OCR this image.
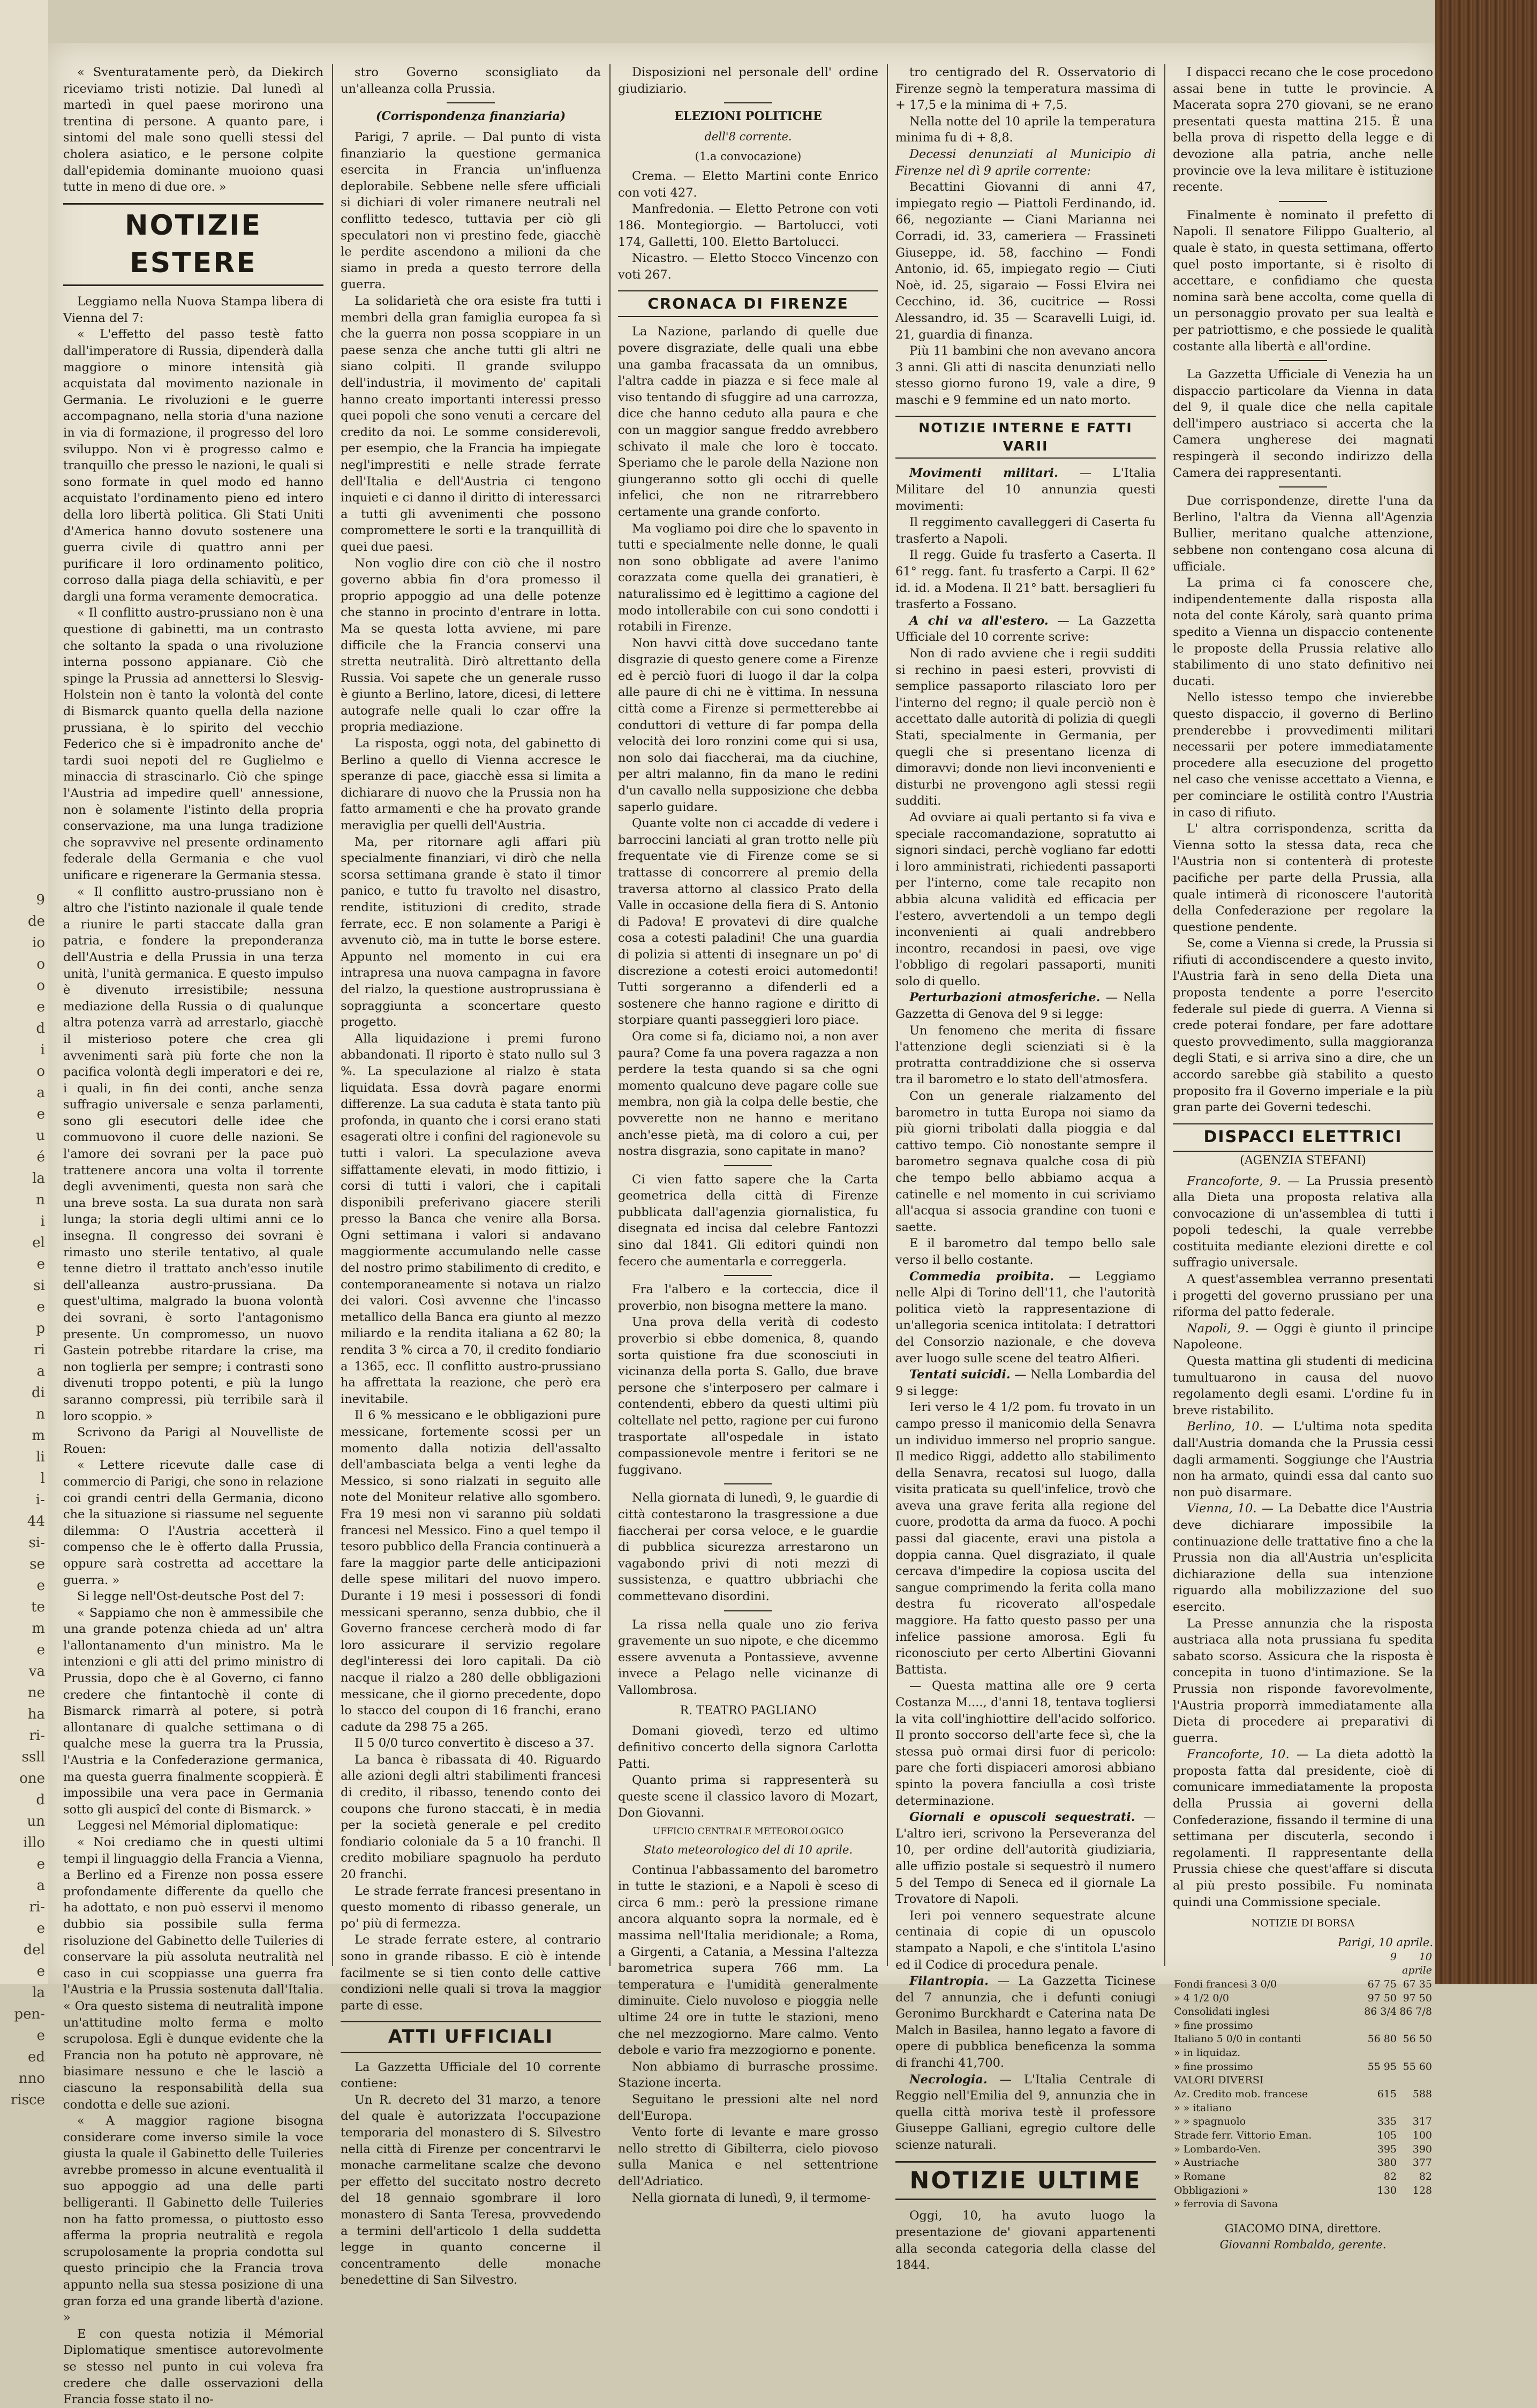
9
de
io
o
o
e
d
i
o
a
e
u
é
la
n
i
el
e
si
e
p
ri
a
di
n
m
li
l
i-
44
si-
se
e
te
m
e
va
ne
ha
ri-
ssll
one
d
un
illo
e
a
ri-
e
del
e
la
pen-
e
ed
nno
risce

« Sventuratamente però, da Diekirch riceviamo tristi notizie. Dal lunedì al martedì in quel paese morirono una trentina di persone. A quanto pare, i sintomi del male sono quelli stessi del cholera asiatico, e le persone colpite dall'epidemia dominante muoiono quasi tutte in meno di due ore. »

NOTIZIE ESTERE

Leggiamo nella Nuova Stampa libera di Vienna del 7:

« L'effetto del passo testè fatto dall'imperatore di Russia, dipenderà dalla maggiore o minore intensità già acquistata dal movimento nazionale in Germania. Le rivoluzioni e le guerre accompagnano, nella storia d'una nazione in via di formazione, il progresso del loro sviluppo. Non vi è progresso calmo e tranquillo che presso le nazioni, le quali si sono formate in quel modo ed hanno acquistato l'ordinamento pieno ed intero della loro libertà politica. Gli Stati Uniti d'America hanno dovuto sostenere una guerra civile di quattro anni per purificare il loro ordinamento politico, corroso dalla piaga della schiavitù, e per dargli una forma veramente democratica.

« Il conflitto austro-prussiano non è una questione di gabinetti, ma un contrasto che soltanto la spada o una rivoluzione interna possono appianare. Ciò che spinge la Prussia ad annettersi lo Slesvig-Holstein non è tanto la volontà del conte di Bismarck quanto quella della nazione prussiana, è lo spirito del vecchio Federico che si è impadronito anche de' tardi suoi nepoti del re Guglielmo e minaccia di strascinarlo. Ciò che spinge l'Austria ad impedire quell' annessione, non è solamente l'istinto della propria conservazione, ma una lunga tradizione che sopravvive nel presente ordinamento federale della Germania e che vuol unificare e rigenerare la Germania stessa.

« Il conflitto austro-prussiano non è altro che l'istinto nazionale il quale tende a riunire le parti staccate dalla gran patria, e fondere la preponderanza dell'Austria e della Prussia in una terza unità, l'unità germanica. E questo impulso è divenuto irresistibile; nessuna mediazione della Russia o di qualunque altra potenza varrà ad arrestarlo, giacchè il misterioso potere che crea gli avvenimenti sarà più forte che non la pacifica volontà degli imperatori e dei re, i quali, in fin dei conti, anche senza suffragio universale e senza parlamenti, sono gli esecutori delle idee che commuovono il cuore delle nazioni. Se l'amore dei sovrani per la pace può trattenere ancora una volta il torrente degli avvenimenti, questa non sarà che una breve sosta. La sua durata non sarà lunga; la storia degli ultimi anni ce lo insegna. Il congresso dei sovrani è rimasto uno sterile tentativo, al quale tenne dietro il trattato anch'esso inutile dell'alleanza austro-prussiana. Da quest'ultima, malgrado la buona volontà dei sovrani, è sorto l'antagonismo presente. Un compromesso, un nuovo Gastein potrebbe ritardare la crise, ma non toglierla per sempre; i contrasti sono divenuti troppo potenti, e più la lungo saranno compressi, più terribile sarà il loro scoppio. »

Scrivono da Parigi al Nouvelliste de Rouen:

« Lettere ricevute dalle case di commercio di Parigi, che sono in relazione coi grandi centri della Germania, dicono che la situazione si riassume nel seguente dilemma: O l'Austria accetterà il compenso che le è offerto dalla Prussia, oppure sarà costretta ad accettare la guerra. »

Si legge nell'Ost-deutsche Post del 7:

« Sappiamo che non è ammessibile che una grande potenza chieda ad un' altra l'allontanamento d'un ministro. Ma le intenzioni e gli atti del primo ministro di Prussia, dopo che è al Governo, ci fanno credere che fintantochè il conte di Bismarck rimarrà al potere, si potrà allontanare di qualche settimana o di qualche mese la guerra tra la Prussia, l'Austria e la Confederazione germanica, ma questa guerra finalmente scoppierà. È impossibile una vera pace in Germania sotto gli auspicî del conte di Bismarck. »

Leggesi nel Mémorial diplomatique:

« Noi crediamo che in questi ultimi tempi il linguaggio della Francia a Vienna, a Berlino ed a Firenze non possa essere profondamente differente da quello che ha adottato, e non può esservi il menomo dubbio sia possibile sulla ferma risoluzione del Gabinetto delle Tuileries di conservare la più assoluta neutralità nel caso in cui scoppiasse una guerra fra l'Austria e la Prussia sostenuta dall'Italia. « Ora questo sistema di neutralità impone un'attitudine molto ferma e molto scrupolosa. Egli è dunque evidente che la Francia non ha potuto nè approvare, nè biasimare nessuno e che le lasciò a ciascuno la responsabilità della sua condotta e delle sue azioni.

« A maggior ragione bisogna considerare come inverso simile la voce giusta la quale il Gabinetto delle Tuileries avrebbe promesso in alcune eventualità il suo appoggio ad una delle parti belligeranti. Il Gabinetto delle Tuileries non ha fatto promessa, o piuttosto esso afferma la propria neutralità e regola scrupolosamente la propria condotta sul questo principio che la Francia trova appunto nella sua stessa posizione di una gran forza ed una grande libertà d'azione. »

E con questa notizia il Mémorial Diplomatique smentisce autorevolmente se stesso nel punto in cui voleva fra credere che dalle osservazioni della Francia fosse stato il no-

stro Governo sconsigliato da un'alleanza colla Prussia.

(Corrispondenza finanziaria)

Parigi, 7 aprile. — Dal punto di vista finanziario la questione germanica esercita in Francia un'influenza deplorabile. Sebbene nelle sfere ufficiali si dichiari di voler rimanere neutrali nel conflitto tedesco, tuttavia per ciò gli speculatori non vi prestino fede, giacchè le perdite ascendono a milioni da che siamo in preda a questo terrore della guerra.

La solidarietà che ora esiste fra tutti i membri della gran famiglia europea fa sì che la guerra non possa scoppiare in un paese senza che anche tutti gli altri ne siano colpiti. Il grande sviluppo dell'industria, il movimento de' capitali hanno creato importanti interessi presso quei popoli che sono venuti a cercare del credito da noi. Le somme considerevoli, per esempio, che la Francia ha impiegate negl'imprestiti e nelle strade ferrate dell'Italia e dell'Austria ci tengono inquieti e ci danno il diritto di interessarci a tutti gli avvenimenti che possono compromettere le sorti e la tranquillità di quei due paesi.

Non voglio dire con ciò che il nostro governo abbia fin d'ora promesso il proprio appoggio ad una delle potenze che stanno in procinto d'entrare in lotta. Ma se questa lotta avviene, mi pare difficile che la Francia conservi una stretta neutralità. Dirò altrettanto della Russia. Voi sapete che un generale russo è giunto a Berlino, latore, dicesi, di lettere autografe nelle quali lo czar offre la propria mediazione.

La risposta, oggi nota, del gabinetto di Berlino a quello di Vienna accresce le speranze di pace, giacchè essa si limita a dichiarare di nuovo che la Prussia non ha fatto armamenti e che ha provato grande meraviglia per quelli dell'Austria.

Ma, per ritornare agli affari più specialmente finanziari, vi dirò che nella scorsa settimana grande è stato il timor panico, e tutto fu travolto nel disastro, rendite, istituzioni di credito, strade ferrate, ecc. E non solamente a Parigi è avvenuto ciò, ma in tutte le borse estere. Appunto nel momento in cui era intrapresa una nuova campagna in favore del rialzo, la questione austroprussiana è sopraggiunta a sconcertare questo progetto.

Alla liquidazione i premi furono abbandonati. Il riporto è stato nullo sul 3 %. La speculazione al rialzo è stata liquidata. Essa dovrà pagare enormi differenze. La sua caduta è stata tanto più profonda, in quanto che i corsi erano stati esagerati oltre i confini del ragionevole su tutti i valori. La speculazione aveva siffattamente elevati, in modo fittizio, i corsi di tutti i valori, che i capitali disponibili preferivano giacere sterili presso la Banca che venire alla Borsa. Ogni settimana i valori si andavano maggiormente accumulando nelle casse del nostro primo stabilimento di credito, e contemporaneamente si notava un rialzo dei valori. Così avvenne che l'incasso metallico della Banca era giunto al mezzo miliardo e la rendita italiana a 62 80; la rendita 3 % circa a 70, il credito fondiario a 1365, ecc. Il conflitto austro-prussiano ha affrettata la reazione, che però era inevitabile.

Il 6 % messicano e le obbligazioni pure messicane, fortemente scossi per un momento dalla notizia dell'assalto dell'ambasciata belga a venti leghe da Messico, si sono rialzati in seguito alle note del Moniteur relative allo sgombero. Fra 19 mesi non vi saranno più soldati francesi nel Messico. Fino a quel tempo il tesoro pubblico della Francia continuerà a fare la maggior parte delle anticipazioni delle spese militari del nuovo impero. Durante i 19 mesi i possessori di fondi messicani speranno, senza dubbio, che il Governo francese cercherà modo di far loro assicurare il servizio regolare degl'interessi dei loro capitali. Da ciò nacque il rialzo a 280 delle obbligazioni messicane, che il giorno precedente, dopo lo stacco del coupon di 16 franchi, erano cadute da 298 75 a 265.

Il 5 0/0 turco convertito è disceso a 37.

La banca è ribassata di 40. Riguardo alle azioni degli altri stabilimenti francesi di credito, il ribasso, tenendo conto dei coupons che furono staccati, è in media per la società generale e pel credito fondiario coloniale da 5 a 10 franchi. Il credito mobiliare spagnuolo ha perduto 20 franchi.

Le strade ferrate francesi presentano in questo momento di ribasso generale, un po' più di fermezza.

Le strade ferrate estere, al contrario sono in grande ribasso. E ciò è intende facilmente se si tien conto delle cattive condizioni nelle quali si trova la maggior parte di esse.

ATTI UFFICIALI

La Gazzetta Ufficiale del 10 corrente contiene:

Un R. decreto del 31 marzo, a tenore del quale è autorizzata l'occupazione temporaria del monastero di S. Silvestro nella città di Firenze per concentrarvi le monache carmelitane scalze che devono per effetto del succitato nostro decreto del 18 gennaio sgombrare il loro monastero di Santa Teresa, provvedendo a termini dell'articolo 1 della suddetta legge in quanto concerne il concentramento delle monache benedettine di San Silvestro.

Disposizioni nel personale dell' ordine giudiziario.

ELEZIONI POLITICHE
dell'8 corrente.
(1.a convocazione)

Crema. — Eletto Martini conte Enrico con voti 427.

Manfredonia. — Eletto Petrone con voti 186. Montegiorgio. — Bartolucci, voti 174, Galletti, 100. Eletto Bartolucci.

Nicastro. — Eletto Stocco Vincenzo con voti 267.

CRONACA DI FIRENZE

La Nazione, parlando di quelle due povere disgraziate, delle quali una ebbe una gamba fracassata da un omnibus, l'altra cadde in piazza e si fece male al viso tentando di sfuggire ad una carrozza, dice che hanno ceduto alla paura e che con un maggior sangue freddo avrebbero schivato il male che loro è toccato. Speriamo che le parole della Nazione non giungeranno sotto gli occhi di quelle infelici, che non ne ritrarrebbero certamente una grande conforto.

Ma vogliamo poi dire che lo spavento in tutti e specialmente nelle donne, le quali non sono obbligate ad avere l'animo corazzata come quella dei granatieri, è naturalissimo ed è legittimo a cagione del modo intollerabile con cui sono condotti i rotabili in Firenze.

Non havvi città dove succedano tante disgrazie di questo genere come a Firenze ed è perciò fuori di luogo il dar la colpa alle paure di chi ne è vittima. In nessuna città come a Firenze si permetterebbe ai conduttori di vetture di far pompa della velocità dei loro ronzini come qui si usa, non solo dai fiaccherai, ma da ciuchine, per altri malanno, fin da mano le redini d'un cavallo nella supposizione che debba saperlo guidare.

Quante volte non ci accadde di vedere i barroccini lanciati al gran trotto nelle più frequentate vie di Firenze come se si trattasse di concorrere al premio della traversa attorno al classico Prato della Valle in occasione della fiera di S. Antonio di Padova! E provatevi di dire qualche cosa a cotesti paladini! Che una guardia di polizia si attenti di insegnare un po' di discrezione a cotesti eroici automedonti! Tutti sorgeranno a difenderli ed a sostenere che hanno ragione e diritto di storpiare quanti passeggieri loro piace.

Ora come si fa, diciamo noi, a non aver paura? Come fa una povera ragazza a non perdere la testa quando si sa che ogni momento qualcuno deve pagare colle sue membra, non già la colpa delle bestie, che povverette non ne hanno e meritano anch'esse pietà, ma di coloro a cui, per nostra disgrazia, sono capitate in mano?

Ci vien fatto sapere che la Carta geometrica della città di Firenze pubblicata dall'agenzia giornalistica, fu disegnata ed incisa dal celebre Fantozzi sino dal 1841. Gli editori quindi non fecero che aumentarla e correggerla.

Fra l'albero e la corteccia, dice il proverbio, non bisogna mettere la mano.

Una prova della verità di codesto proverbio si ebbe domenica, 8, quando sorta quistione fra due sconosciuti in vicinanza della porta S. Gallo, due brave persone che s'interposero per calmare i contendenti, ebbero da questi ultimi più coltellate nel petto, ragione per cui furono trasportate all'ospedale in istato compassionevole mentre i feritori se ne fuggivano.

Nella giornata di lunedì, 9, le guardie di città contestarono la trasgressione a due fiaccherai per corsa veloce, e le guardie di pubblica sicurezza arrestarono un vagabondo privi di noti mezzi di sussistenza, e quattro ubbriachi che commettevano disordini.

La rissa nella quale uno zio feriva gravemente un suo nipote, e che dicemmo essere avvenuta a Pontassieve, avvenne invece a Pelago nelle vicinanze di Vallombrosa.

R. TEATRO PAGLIANO

Domani giovedì, terzo ed ultimo definitivo concerto della signora Carlotta Patti.

Quanto prima si rappresenterà su queste scene il classico lavoro di Mozart, Don Giovanni.

UFFICIO CENTRALE METEOROLOGICO
Stato meteorologico del di 10 aprile.

Continua l'abbassamento del barometro in tutte le stazioni, e a Napoli è sceso di circa 6 mm.: però la pressione rimane ancora alquanto sopra la normale, ed è massima nell'Italia meridionale; a Roma, a Girgenti, a Catania, a Messina l'altezza barometrica supera 766 mm. La temperatura e l'umidità generalmente diminuite. Cielo nuvoloso e pioggia nelle ultime 24 ore in tutte le stazioni, meno che nel mezzogiorno. Mare calmo. Vento debole e vario fra mezzogiorno e ponente.

Non abbiamo di burrasche prossime. Stazione incerta.

Seguitano le pressioni alte nel nord dell'Europa.

Vento forte di levante e mare grosso nello stretto di Gibilterra, cielo piovoso sulla Manica e nel settentrione dell'Adriatico.

Nella giornata di lunedì, 9, il termome-

tro centigrado del R. Osservatorio di Firenze segnò la temperatura massima di + 17,5 e la minima di + 7,5.

Nella notte del 10 aprile la temperatura minima fu di + 8,8.

Decessi denunziati al Municipio di Firenze nel dì 9 aprile corrente:

Becattini Giovanni di anni 47, impiegato regio — Piattoli Ferdinando, id. 66, negoziante — Ciani Marianna nei Corradi, id. 33, cameriera — Frassineti Giuseppe, id. 58, facchino — Fondi Antonio, id. 65, impiegato regio — Ciuti Noè, id. 25, sigaraio — Fossi Elvira nei Cecchino, id. 36, cucitrice — Rossi Alessandro, id. 35 — Scaravelli Luigi, id. 21, guardia di finanza.

Più 11 bambini che non avevano ancora 3 anni. Gli atti di nascita denunziati nello stesso giorno furono 19, vale a dire, 9 maschi e 9 femmine ed un nato morto.

NOTIZIE INTERNE E FATTI VARII

Movimenti militari. — L'Italia Militare del 10 annunzia questi movimenti:

Il reggimento cavalleggeri di Caserta fu trasferto a Napoli.

Il regg. Guide fu trasferto a Caserta. Il 61° regg. fant. fu trasferto a Carpi. Il 62° id. id. a Modena. Il 21° batt. bersaglieri fu trasferto a Fossano.

A chi va all'estero. — La Gazzetta Ufficiale del 10 corrente scrive:

Non di rado avviene che i regii sudditi si rechino in paesi esteri, provvisti di semplice passaporto rilasciato loro per l'interno del regno; il quale perciò non è accettato dalle autorità di polizia di quegli Stati, specialmente in Germania, per quegli che si presentano licenza di dimoravvi; donde non lievi inconvenienti e disturbi ne provengono agli stessi regii sudditi.

Ad ovviare ai quali pertanto si fa viva e speciale raccomandazione, sopratutto ai signori sindaci, perchè vogliano far edotti i loro amministrati, richiedenti passaporti per l'interno, come tale recapito non abbia alcuna validità ed efficacia per l'estero, avvertendoli a un tempo degli inconvenienti ai quali andrebbero incontro, recandosi in paesi, ove vige l'obbligo di regolari passaporti, muniti solo di quello.

Perturbazioni atmosferiche. — Nella Gazzetta di Genova del 9 si legge:

Un fenomeno che merita di fissare l'attenzione degli scienziati si è la protratta contraddizione che si osserva tra il barometro e lo stato dell'atmosfera.

Con un generale rialzamento del barometro in tutta Europa noi siamo da più giorni tribolati dalla pioggia e dal cattivo tempo. Ciò nonostante sempre il barometro segnava qualche cosa di più che tempo bello abbiamo acqua a catinelle e nel momento in cui scriviamo all'acqua si associa grandine con tuoni e saette.

E il barometro dal tempo bello sale verso il bello costante.

Commedia proibita. — Leggiamo nelle Alpi di Torino dell'11, che l'autorità politica vietò la rappresentazione di un'allegoria scenica intitolata: I detrattori del Consorzio nazionale, e che doveva aver luogo sulle scene del teatro Alfieri.

Tentati suicidi. — Nella Lombardia del 9 si legge:

Ieri verso le 4 1/2 pom. fu trovato in un campo presso il manicomio della Senavra un individuo immerso nel proprio sangue. Il medico Riggi, addetto allo stabilimento della Senavra, recatosi sul luogo, dalla visita praticata su quell'infelice, trovò che aveva una grave ferita alla regione del cuore, prodotta da arma da fuoco. A pochi passi dal giacente, eravi una pistola a doppia canna. Quel disgraziato, il quale cercava d'impedire la copiosa uscita del sangue comprimendo la ferita colla mano destra fu ricoverato all'ospedale maggiore. Ha fatto questo passo per una infelice passione amorosa. Egli fu riconosciuto per certo Albertini Giovanni Battista.

— Questa mattina alle ore 9 certa Costanza M...., d'anni 18, tentava togliersi la vita coll'inghiottire dell'acido solforico. Il pronto soccorso dell'arte fece sì, che la stessa può ormai dirsi fuor di pericolo: pare che forti dispiaceri amorosi abbiano spinto la povera fanciulla a così triste determinazione.

Giornali e opuscoli sequestrati. — L'altro ieri, scrivono la Perseveranza del 10, per ordine dell'autorità giudiziaria, alle uffizio postale si sequestrò il numero 5 del Tempo di Seneca ed il giornale La Trovatore di Napoli.

Ieri poi vennero sequestrate alcune centinaia di copie di un opuscolo stampato a Napoli, e che s'intitola L'asino ed il Codice di procedura penale.

Filantropia. — La Gazzetta Ticinese del 7 annunzia, che i defunti coniugi Geronimo Burckhardt e Caterina nata De Malch in Basilea, hanno legato a favore di opere di pubblica beneficenza la somma di franchi 41,700.

Necrologia. — L'Italia Centrale di Reggio nell'Emilia del 9, annunzia che in quella città moriva testè il professore Giuseppe Galliani, egregio cultore delle scienze naturali.

NOTIZIE ULTIME

Oggi, 10, ha avuto luogo la presentazione de' giovani appartenenti alla seconda categoria della classe del 1844.

I dispacci recano che le cose procedono assai bene in tutte le provincie. A Macerata sopra 270 giovani, se ne erano presentati questa mattina 215. È una bella prova di rispetto della legge e di devozione alla patria, anche nelle provincie ove la leva militare è istituzione recente.

Finalmente è nominato il prefetto di Napoli. Il senatore Filippo Gualterio, al quale è stato, in questa settimana, offerto quel posto importante, si è risolto di accettare, e confidiamo che questa nomina sarà bene accolta, come quella di un personaggio provato per sua lealtà e per patriottismo, e che possiede le qualità costante alla libertà e all'ordine.

La Gazzetta Ufficiale di Venezia ha un dispaccio particolare da Vienna in data del 9, il quale dice che nella capitale dell'impero austriaco si accerta che la Camera ungherese dei magnati respingerà il secondo indirizzo della Camera dei rappresentanti.

Due corrispondenze, dirette l'una da Berlino, l'altra da Vienna all'Agenzia Bullier, meritano qualche attenzione, sebbene non contengano cosa alcuna di ufficiale.

La prima ci fa conoscere che, indipendentemente dalla risposta alla nota del conte Károly, sarà quanto prima spedito a Vienna un dispaccio contenente le proposte della Prussia relative allo stabilimento di uno stato definitivo nei ducati.

Nello istesso tempo che invierebbe questo dispaccio, il governo di Berlino prenderebbe i provvedimenti militari necessarii per potere immediatamente procedere alla esecuzione del progetto nel caso che venisse accettato a Vienna, e per cominciare le ostilità contro l'Austria in caso di rifiuto.

L' altra corrispondenza, scritta da Vienna sotto la stessa data, reca che l'Austria non si contenterà di proteste pacifiche per parte della Prussia, alla quale intimerà di riconoscere l'autorità della Confederazione per regolare la questione pendente.

Se, come a Vienna si crede, la Prussia si rifiuti di accondiscendere a questo invito, l'Austria farà in seno della Dieta una proposta tendente a porre l'esercito federale sul piede di guerra. A Vienna si crede poterai fondare, per fare adottare questo provvedimento, sulla maggioranza degli Stati, e si arriva sino a dire, che un accordo sarebbe già stabilito a questo proposito fra il Governo imperiale e la più gran parte dei Governi tedeschi.

DISPACCI ELETTRICI
(AGENZIA STEFANI)

Francoforte, 9. — La Prussia presentò alla Dieta una proposta relativa alla convocazione di un'assemblea di tutti i popoli tedeschi, la quale verrebbe costituita mediante elezioni dirette e col suffragio universale.

A quest'assemblea verranno presentati i progetti del governo prussiano per una riforma del patto federale.

Napoli, 9. — Oggi è giunto il principe Napoleone.

Questa mattina gli studenti di medicina tumultuarono in causa del nuovo regolamento degli esami. L'ordine fu in breve ristabilito.

Berlino, 10. — L'ultima nota spedita dall'Austria domanda che la Prussia cessi dagli armamenti. Soggiunge che l'Austria non ha armato, quindi essa dal canto suo non può disarmare.

Vienna, 10. — La Debatte dice l'Austria deve dichiarare impossibile la continuazione delle trattative fino a che la Prussia non dia all'Austria un'esplicita dichiarazione della sua intenzione riguardo alla mobilizzazione del suo esercito.

La Presse annunzia che la risposta austriaca alla nota prussiana fu spedita sabato scorso. Assicura che la risposta è concepita in tuono d'intimazione. Se la Prussia non risponde favorevolmente, l'Austria proporrà immediatamente alla Dieta di procedere ai preparativi di guerra.

Francoforte, 10. — La dieta adottò la proposta fatta dal presidente, cioè di comunicare immediatamente la proposta della Prussia ai governi della Confederazione, fissando il termine di una settimana per discuterla, secondo i regolamenti. Il rappresentante della Prussia chiese che quest'affare si discuta al più presto possibile. Fu nominata quindi una Commissione speciale.

NOTIZIE DI BORSA
Parigi, 10 aprile.
	9	10
aprile		
Fondi francesi 3 0/0	67 75	67 35
» 4 1/2 0/0	97 50	97 50
Consolidati inglesi	86 3/4	86 7/8
» fine prossimo		
Italiano 5 0/0 in contanti	56 80	56 50
» in liquidaz.		
» fine prossimo	55 95	55 60
VALORI DIVERSI		
Az. Credito mob. francese	615	588
» » italiano		
» » spagnuolo	335	317
Strade ferr. Vittorio Eman.	105	100
» Lombardo-Ven.	395	390
» Austriache	380	377
» Romane	82	82
Obbligazioni »	130	128
» ferrovia di Savona		
GIACOMO DINA, direttore.
Giovanni Rombaldo, gerente.
